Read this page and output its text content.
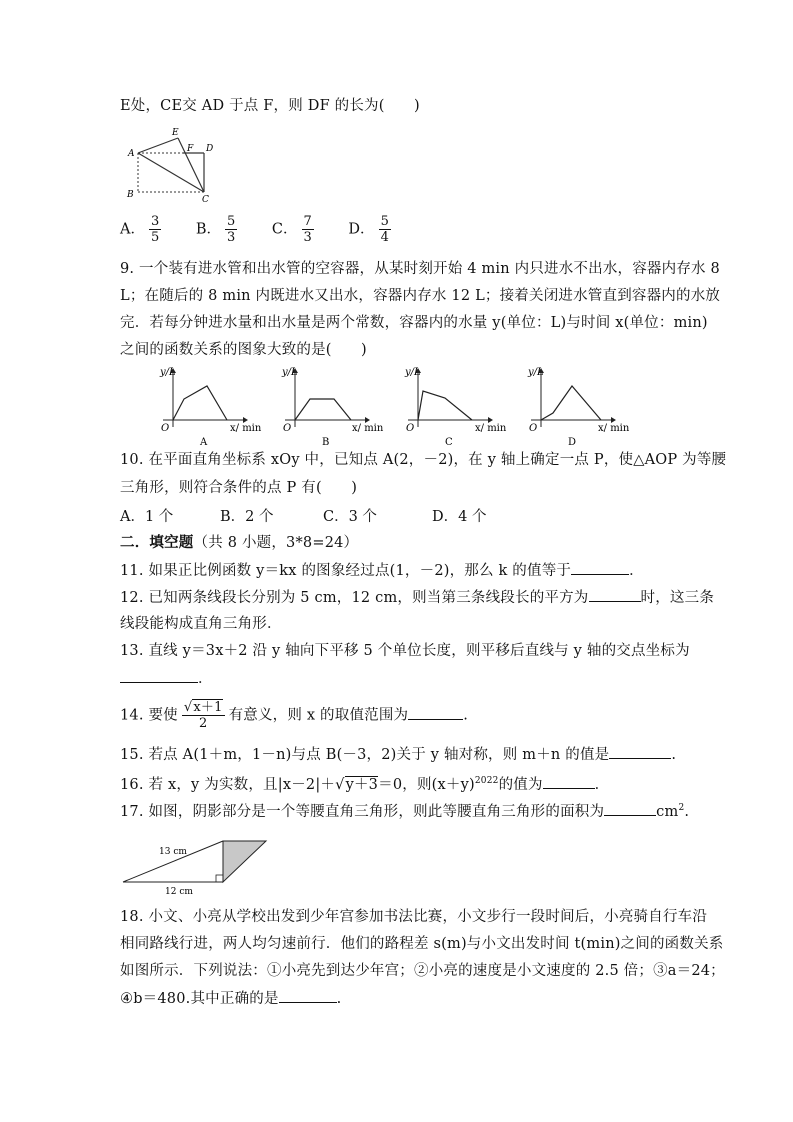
E处，CE交 AD 于点 F，则 DF 的长为(　　)
A
B	C
D
E
F
A． $\frac{3}{5}$ B． $\frac{5}{3}$ C． $\frac{7}{3}$ D． $\frac{5}{4}$
9. 一个装有进水管和出水管的空容器，从某时刻开始 4 min 内只进水不出水，容器内存水 8
L；在随后的 8 min 内既进水又出水，容器内存水 12 L；接着关闭进水管直到容器内的水放
完．若每分钟进水量和出水量是两个常数，容器内的水量 y(单位：L)与时间 x(单位：min)
之间的函数关系的图象大致的是(　　)
y/L
O	x/ min
A
y/L
O	x/ min
B
y/L
O	x/ min
C
y/L
O	x/ min
D
10. 在平面直角坐标系 xOy 中，已知点 A(2，－2)，在 y 轴上确定一点 P，使△AOP 为等腰
三角形，则符合条件的点 P 有(　　)
A．1 个	B．2 个	C．3 个	D．4 个
二．填空题（共 8 小题，3*8=24）
11. 如果正比例函数 y＝kx 的图象经过点(1，－2)，那么 k 的值等于	．
12. 已知两条线段长分别为 5 cm，12 cm，则当第三条线段长的平方为	时，这三条
线段能构成直角三角形．
13. 直线 y＝3x＋2 沿 y 轴向下平移 5 个单位长度，则平移后直线与 y 轴的交点坐标为
．
14. 要使 $\frac{√x+1}{2}$ 有意义，则 x 的取值范围为	.
15. 若点 A(1＋m，1－n)与点 B(－3，2)关于 y 轴对称，则 m＋n 的值是	.
16. 若 x，y 为实数，且|x－2|＋√y＋3＝0，则$(x+y)^{2022}$的值为	．
17. 如图，阴影部分是一个等腰直角三角形，则此等腰直角三角形的面积为	$cm^2$.
13 cm
12 cm
18. 小文、小亮从学校出发到少年宫参加书法比赛，小文步行一段时间后，小亮骑自行车沿
相同路线行进，两人均匀速前行．他们的路程差 s(m)与小文出发时间 t(min)之间的函数关系
如图所示．下列说法：①小亮先到达少年宫；②小亮的速度是小文速度的 2.5 倍；③a＝24；
④b＝480.其中正确的是	.
